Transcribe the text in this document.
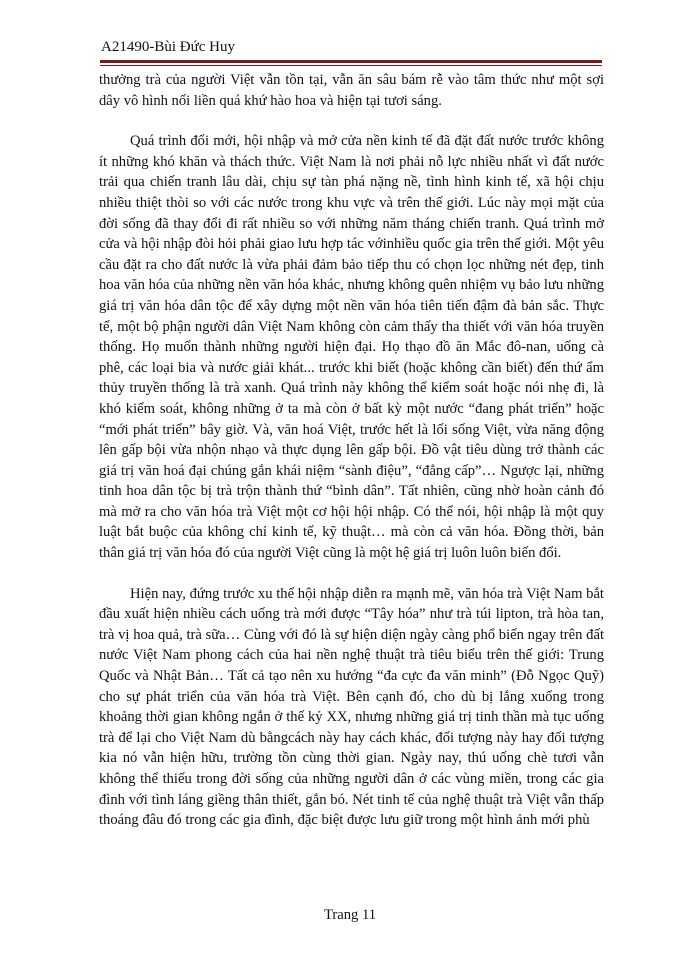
A21490-Bùi Đức Huy

thưởng trà của người Việt vẫn tồn tại, vẫn ăn sâu bám rễ vào tâm thức như một sợi dây vô hình nối liền quá khứ hào hoa và hiện tại tươi sáng.

Quá trình đổi mới, hội nhập và mở cửa nền kinh tế đã đặt đất nước trước không ít những khó khăn và thách thức. Việt Nam là nơi phải nỗ lực nhiều nhất vì đất nước trải qua chiến tranh lâu dài, chịu sự tàn phá nặng nề, tình hình kinh tế, xã hội chịu nhiều thiệt thòi so với các nước trong khu vực và trên thế giới. Lúc này mọi mặt của đời sống đã thay đổi đi rất nhiều so với những năm tháng chiến tranh. Quá trình mở cửa và hội nhập đòi hỏi phải giao lưu hợp tác vớinhiều quốc gia trên thế giới. Một yêu cầu đặt ra cho đất nước là vừa phải đảm bảo tiếp thu có chọn lọc những nét đẹp, tinh hoa văn hóa của những nền văn hóa khác, nhưng không quên nhiệm vụ bảo lưu những giá trị văn hóa dân tộc để xây dựng một nền văn hóa tiên tiến đậm đà bản sắc. Thực tế, một bộ phận người dân Việt Nam không còn cảm thấy tha thiết với văn hóa truyền thống. Họ muốn thành những người hiện đại. Họ thạo đồ ăn Mắc đô-nan, uống cà phê, các loại bia và nước giải khát... trước khi biết (hoặc không cần biết) đến thứ ẩm thủy truyền thống là trà xanh. Quá trình này không thể kiểm soát hoặc nói nhẹ đi, là khó kiểm soát, không những ở ta mà còn ở bất kỳ một nước “đang phát triển” hoặc “mới phát triển” bây giờ. Và, văn hoá Việt, trước hết là lối sống Việt, vừa năng động lên gấp bội vừa nhộn nhạo và thực dụng lên gấp bội. Đồ vật tiêu dùng trở thành các giá trị văn hoá đại chúng gắn khái niệm “sành điệu”, “đẳng cấp”… Ngược lại, những tinh hoa dân tộc bị trà trộn thành thứ “bình dân”. Tất nhiên, cũng nhờ hoàn cảnh đó mà mở ra cho văn hóa trà Việt một cơ hội hội nhập. Có thể nói, hội nhập là một quy luật bắt buộc của không chỉ kinh tế, kỹ thuật… mà còn cả văn hóa. Đồng thời, bản thân giá trị văn hóa đó của người Việt cũng là một hệ giá trị luôn luôn biến đổi.

Hiện nay, đứng trước xu thế hội nhập diễn ra mạnh mẽ, văn hóa trà Việt Nam bắt đầu xuất hiện nhiều cách uống trà mới được “Tây hóa” như trà túi lipton, trà hòa tan, trà vị hoa quả, trà sữa… Cùng với đó là sự hiện diện ngày càng phổ biến ngay trên đất nước Việt Nam phong cách của hai nền nghệ thuật trà tiêu biểu trên thế giới: Trung Quốc và Nhật Bản… Tất cả tạo nên xu hướng “đa cực đa văn minh” (Đỗ Ngọc Quỹ) cho sự phát triển của văn hóa trà Việt. Bên cạnh đó, cho dù bị lắng xuống trong khoảng thời gian không ngắn ở thế kỷ XX, nhưng những giá trị tinh thần mà tục uống trà để lại cho Việt Nam dù bằngcách này hay cách khác, đối tượng này hay đối tượng kia nó vẫn hiện hữu, trường tồn cùng thời gian. Ngày nay, thú uống chè tươi vẫn không thể thiếu trong đời sống của những người dân ở các vùng miền, trong các gia đình với tình láng giềng thân thiết, gắn bó. Nét tinh tế của nghệ thuật trà Việt vẫn thấp thoáng đâu đó trong các gia đình, đặc biệt được lưu giữ trong một hình ảnh mới phù

Trang 11
